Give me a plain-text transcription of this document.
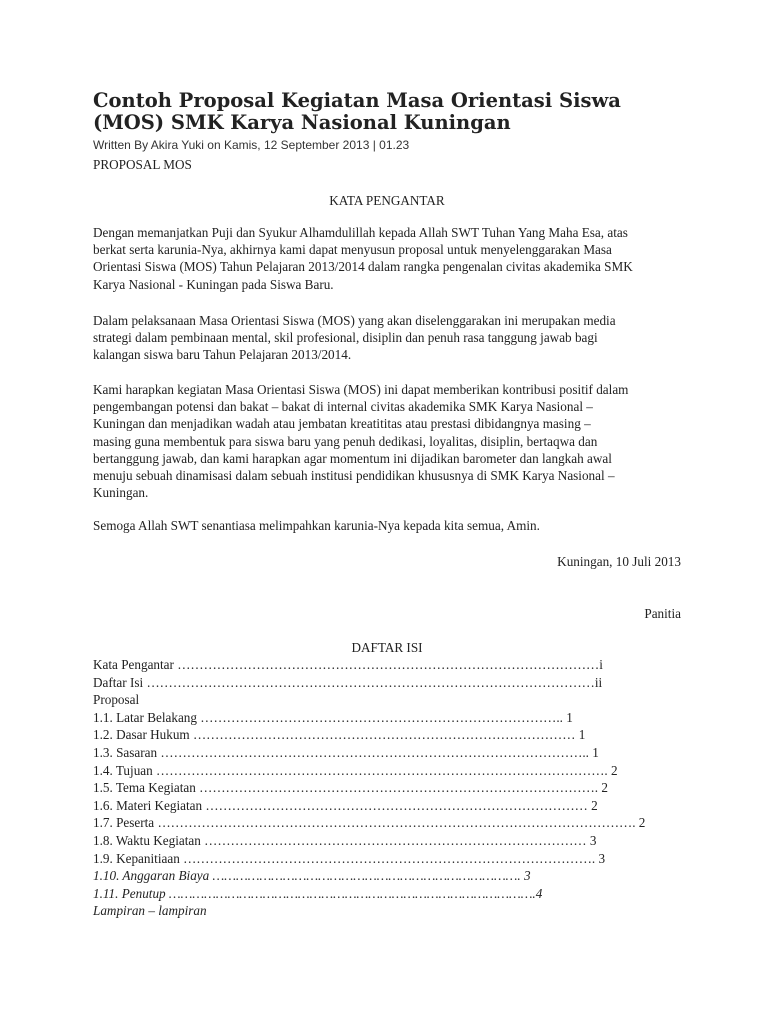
Contoh Proposal Kegiatan Masa Orientasi Siswa
(MOS) SMK Karya Nasional Kuningan
Written By Akira Yuki on Kamis, 12 September 2013 | 01.23
PROPOSAL MOS
KATA PENGANTAR
Dengan memanjatkan Puji dan Syukur Alhamdulillah kepada Allah SWT Tuhan Yang Maha Esa, atas
berkat serta karunia-Nya, akhirnya kami dapat menyusun proposal untuk menyelenggarakan Masa
Orientasi Siswa (MOS) Tahun Pelajaran 2013/2014 dalam rangka pengenalan civitas akademika SMK
Karya Nasional - Kuningan pada Siswa Baru.
Dalam pelaksanaan Masa Orientasi Siswa (MOS) yang akan diselenggarakan ini merupakan media
strategi dalam pembinaan mental, skil profesional, disiplin dan penuh rasa tanggung jawab bagi
kalangan siswa baru Tahun Pelajaran 2013/2014.
Kami harapkan kegiatan Masa Orientasi Siswa (MOS) ini dapat memberikan kontribusi positif dalam
pengembangan potensi dan bakat – bakat di internal civitas akademika SMK Karya Nasional –
Kuningan dan menjadikan wadah atau jembatan kreatititas atau prestasi dibidangnya masing –
masing guna membentuk para siswa baru yang penuh dedikasi, loyalitas, disiplin, bertaqwa dan
bertanggung jawab, dan kami harapkan agar momentum ini dijadikan barometer dan langkah awal
menuju sebuah dinamisasi dalam sebuah institusi pendidikan khususnya di SMK Karya Nasional –
Kuningan.
Semoga Allah SWT senantiasa melimpahkan karunia-Nya kepada kita semua, Amin.
Kuningan, 10 Juli 2013
Panitia
DAFTAR ISI
Kata Pengantar ……………………………………………………………………………………i
Daftar Isi …………………………………………………………………………………………ii
Proposal
1.1. Latar Belakang ……………………………………………………………………….. 1
1.2. Dasar Hukum …………………………………………………………………………… 1
1.3. Sasaran …………………………………………………………………………………….. 1
1.4. Tujuan …………………………………………………………………………………………. 2
1.5. Tema Kegiatan ………………………………………………………………………………. 2
1.6. Materi Kegiatan …………………………………………………………………………… 2
1.7. Peserta ………………………………………………………………………………………………. 2
1.8. Waktu Kegiatan …………………………………………………………………………… 3
1.9. Kepanitiaan …………………………………………………………………………………. 3
1.10. Anggaran Biaya ……………………………………………………………………. 3
1.11. Penutup ………………………………………………………………………………….4
Lampiran – lampiran
